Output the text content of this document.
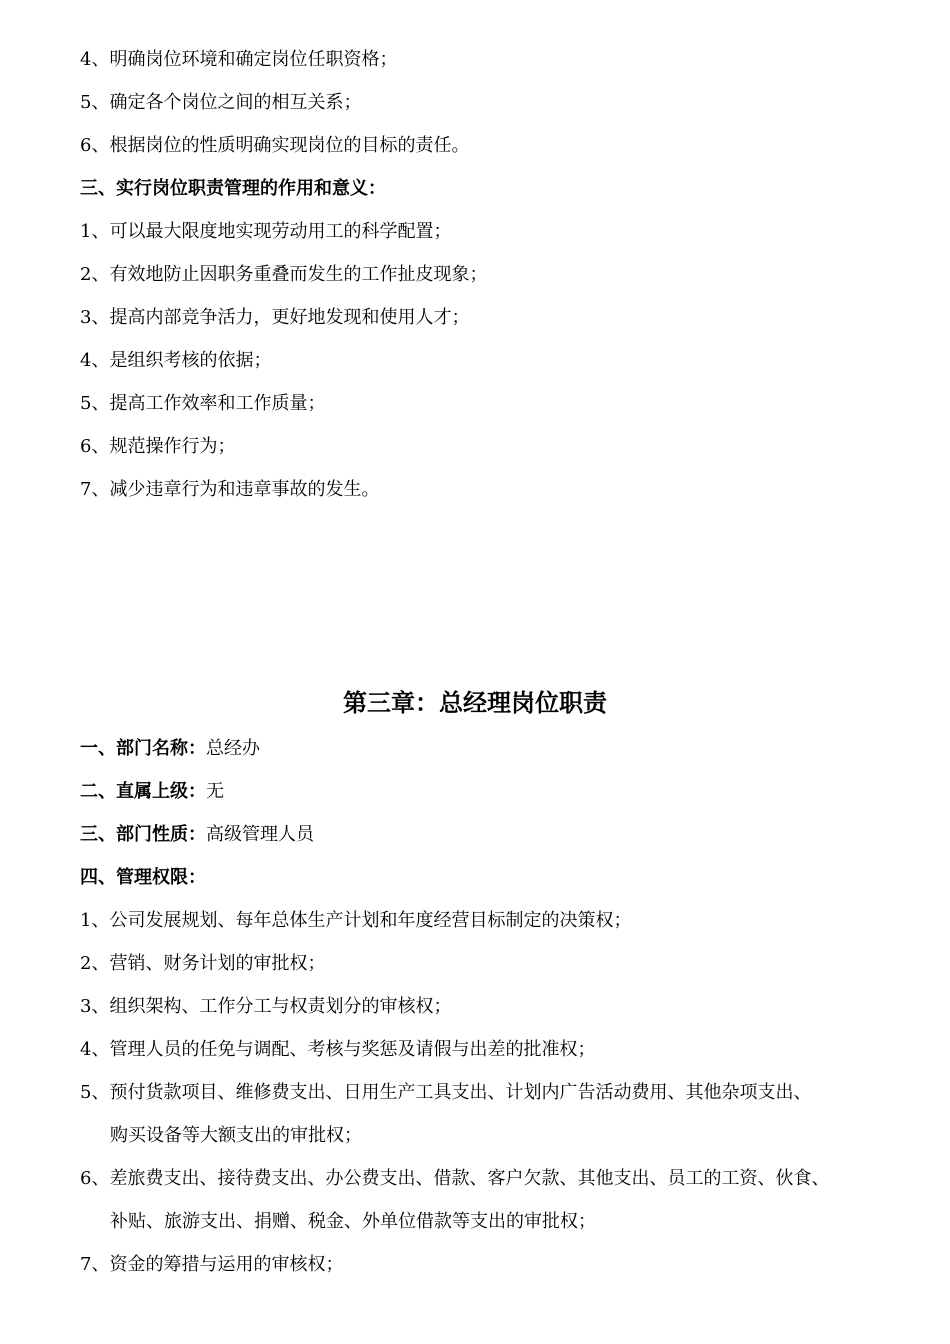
4、明确岗位环境和确定岗位任职资格；
5、确定各个岗位之间的相互关系；
6、根据岗位的性质明确实现岗位的目标的责任。
三、实行岗位职责管理的作用和意义：
1、可以最大限度地实现劳动用工的科学配置；
2、有效地防止因职务重叠而发生的工作扯皮现象；
3、提高内部竞争活力，更好地发现和使用人才；
4、是组织考核的依据；
5、提高工作效率和工作质量；
6、规范操作行为；
7、减少违章行为和违章事故的发生。
第三章：总经理岗位职责
一、部门名称：总经办
二、直属上级：无
三、部门性质：高级管理人员
四、管理权限：
1、公司发展规划、每年总体生产计划和年度经营目标制定的决策权；
2、营销、财务计划的审批权；
3、组织架构、工作分工与权责划分的审核权；
4、管理人员的任免与调配、考核与奖惩及请假与出差的批准权；
5、预付货款项目、维修费支出、日用生产工具支出、计划内广告活动费用、其他杂项支出、
购买设备等大额支出的审批权；
6、差旅费支出、接待费支出、办公费支出、借款、客户欠款、其他支出、员工的工资、伙食、
补贴、旅游支出、捐赠、税金、外单位借款等支出的审批权；
7、资金的筹措与运用的审核权；
